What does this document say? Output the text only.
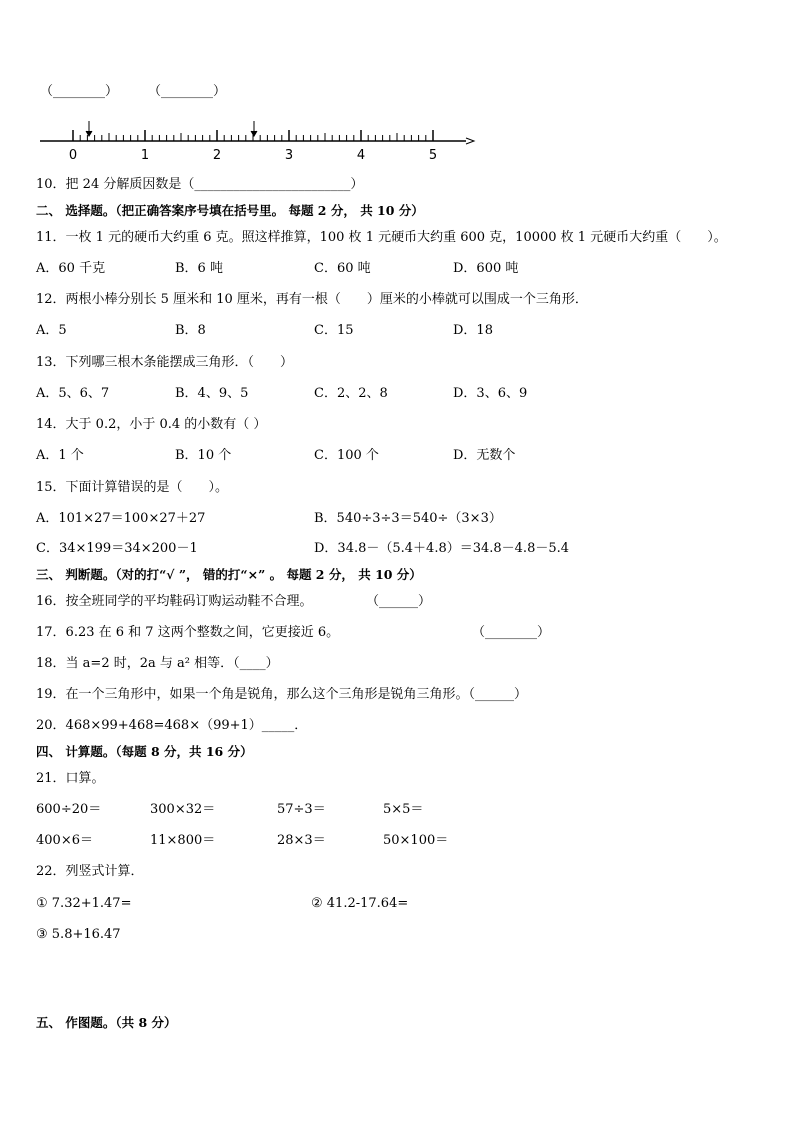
（________） （________）
0	1	2	3	4	5
10．把 24 分解质因数是（________________________）
二、 选择题。（把正确答案序号填在括号里。 每题 2 分， 共 10 分）
11．一枚 1 元的硬币大约重 6 克。照这样推算，100 枚 1 元硬币大约重 600 克，10000 枚 1 元硬币大约重（　　）。
A．60 千克	B．6 吨	C．60 吨	D．600 吨
12．两根小棒分别长 5 厘米和 10 厘米，再有一根（　　）厘米的小棒就可以围成一个三角形．
A．5	B．8	C．15	D．18
13．下列哪三根木条能摆成三角形．（　　）
A．5、6、7	B．4、9、5	C．2、2、8	D．3、6、9
14．大于 0.2，小于 0.4 的小数有（ ）
A．1 个	B．10 个	C．100 个	D．无数个
15．下面计算错误的是（　　）。
A．101×27＝100×27＋27	B．540÷3÷3＝540÷（3×3）
C．34×199＝34×200－1	D．34.8－（5.4＋4.8）＝34.8－4.8－5.4
三、 判断题。（对的打“√ ”， 错的打“×” 。 每题 2 分， 共 10 分）
16．按全班同学的平均鞋码订购运动鞋不合理。	（______）
17．6.23 在 6 和 7 这两个整数之间，它更接近 6。	（________）
18．当 a=2 时，2a 与 a² 相等．（____）
19．在一个三角形中，如果一个角是锐角，那么这个三角形是锐角三角形。（______）
20．468×99+468=468×（99+1）_____．
四、 计算题。（每题 8 分，共 16 分）
21．口算。
600÷20＝	300×32＝	57÷3＝	5×5＝
400×6＝	11×800＝	28×3＝	50×100＝
22．列竖式计算．
① 7.32+1.47=	② 41.2-17.64=
③ 5.8+16.47
五、 作图题。（共 8 分）
